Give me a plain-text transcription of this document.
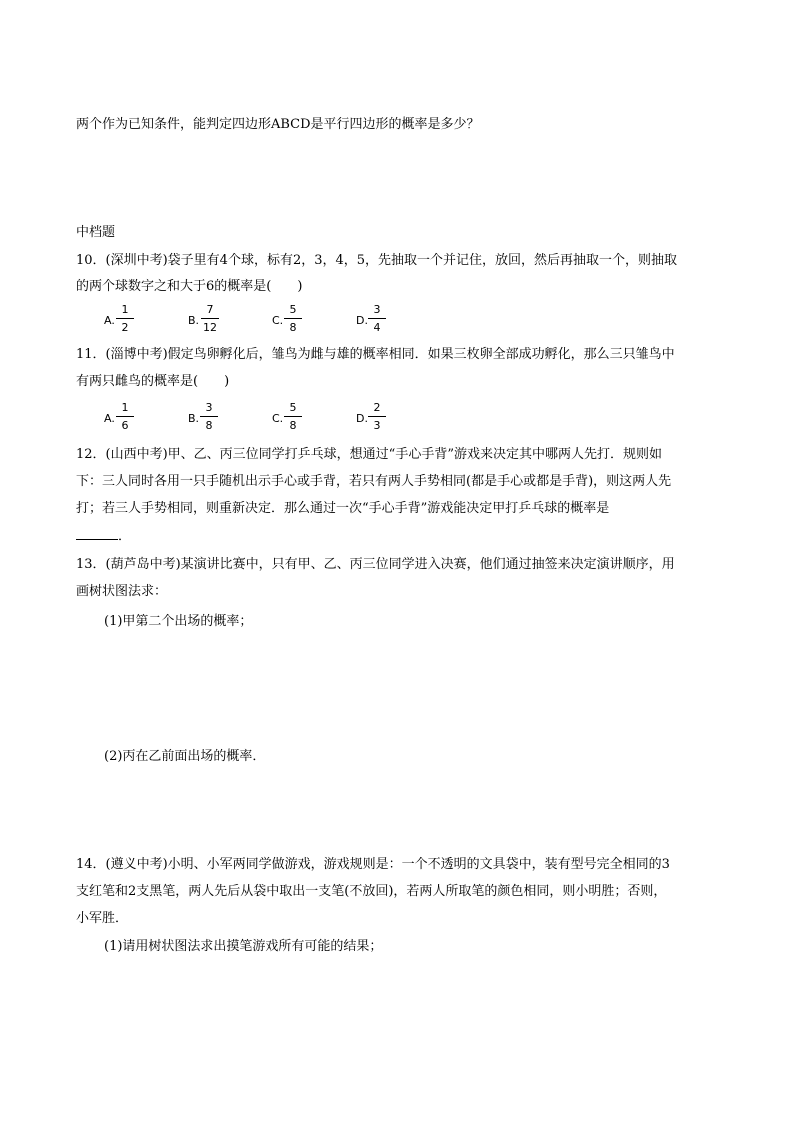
两个作为已知条件，能判定四边形ABCD是平行四边形的概率是多少？
中档题
10．(深圳中考)袋子里有4个球，标有2，3，4，5，先抽取一个并记住，放回，然后再抽取一个，则抽取
的两个球数字之和大于6的概率是(　　)
A.
1
2
B.
7
12
C.
5
8
D.
3
4
11．(淄博中考)假定鸟卵孵化后，雏鸟为雌与雄的概率相同．如果三枚卵全部成功孵化，那么三只雏鸟中
有两只雌鸟的概率是(　　)
A.
1
6
B.
3
8
C.
5
8
D.
2
3
12．(山西中考)甲、乙、丙三位同学打乒乓球，想通过“手心手背”游戏来决定其中哪两人先打．规则如
下：三人同时各用一只手随机出示手心或手背，若只有两人手势相同(都是手心或都是手背)，则这两人先
打；若三人手势相同，则重新决定．那么通过一次“手心手背”游戏能决定甲打乒乓球的概率是
．
13．(葫芦岛中考)某演讲比赛中，只有甲、乙、丙三位同学进入决赛，他们通过抽签来决定演讲顺序，用
画树状图法求：
(1)甲第二个出场的概率；
(2)丙在乙前面出场的概率．
14．(遵义中考)小明、小军两同学做游戏，游戏规则是：一个不透明的文具袋中，装有型号完全相同的3
支红笔和2支黑笔，两人先后从袋中取出一支笔(不放回)，若两人所取笔的颜色相同，则小明胜；否则，
小军胜．
(1)请用树状图法求出摸笔游戏所有可能的结果；
